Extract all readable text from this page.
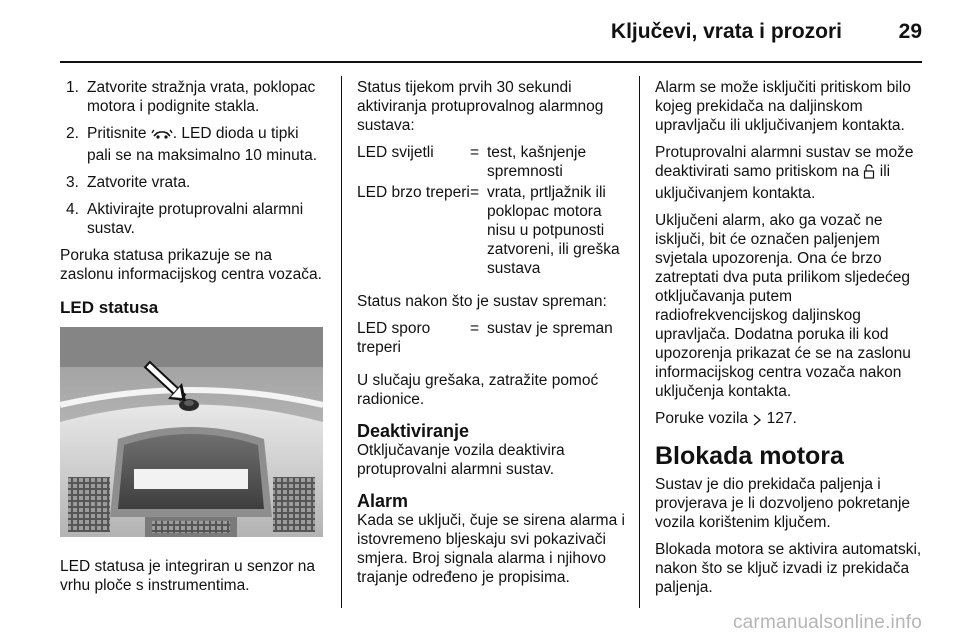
Ključevi, vrata i prozori	29
1. Zatvorite stražnja vrata, poklopac motora i podignite stakla.
2. Pritisnite . LED dioda u tipki pali se na maksimalno 10 minuta.
3. Zatvorite vrata.
4. Aktivirajte protuprovalni alarmni sustav.

Poruka statusa prikazuje se na zaslonu informacijskog centra vozača.

LED statusa

LED statusa je integriran u senzor na vrhu ploče s instrumentima.

Status tijekom prvih 30 sekundi aktiviranja protuprovalnog alarmnog sustava:

LED svijetli	= test, kašnjenje spremnosti
LED brzo treperi = vrata, prtljažnik ili poklopac motora nisu u potpunosti zatvoreni, ili greška sustava

Status nakon što je sustav spreman:

LED sporo treperi
= sustav je spreman

U slučaju grešaka, zatražite pomoć radionice.

Deaktiviranje

Otključavanje vozila deaktivira protuprovalni alarmni sustav.

Alarm

Kada se uključi, čuje se sirena alarma i istovremeno bljeskaju svi pokazivači smjera. Broj signala alarma i njihovo trajanje određeno je propisima.

Alarm se može isključiti pritiskom bilo kojeg prekidača na daljinskom upravljaču ili uključivanjem kontakta.

Protuprovalni alarmni sustav se može deaktivirati samo pritiskom na  ili uključivanjem kontakta.

Uključeni alarm, ako ga vozač ne isključi, bit će označen paljenjem svjetala upozorenja. Ona će brzo zatreptati dva puta prilikom sljedećeg otključavanja putem radiofrekvencijskog daljinskog upravljača. Dodatna poruka ili kod upozorenja prikazat će se na zaslonu informacijskog centra vozača nakon uključenja kontakta.

Poruke vozila  127.

Blokada motora

Sustav je dio prekidača paljenja i provjerava je li dozvoljeno pokretanje vozila korištenim ključem.

Blokada motora se aktivira automatski, nakon što se ključ izvadi iz prekidača paljenja.

carmanualsonline.info
